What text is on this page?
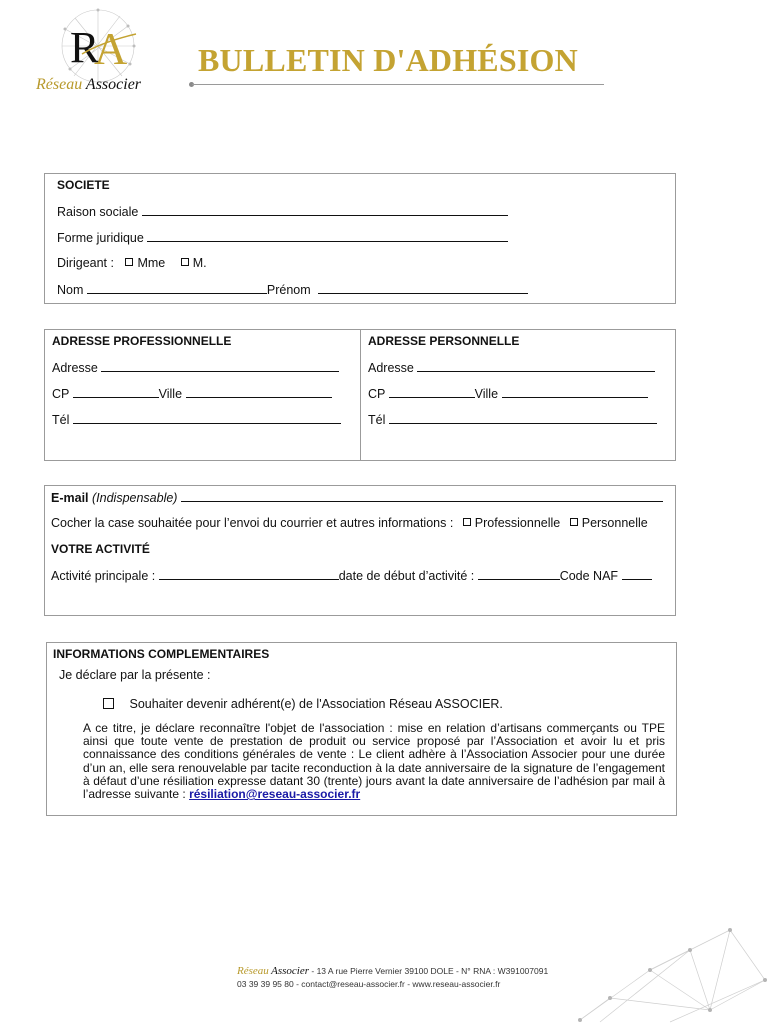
R
A
Réseau Associer
BULLETIN D'ADHÉSION
SOCIETE
Raison sociale
Forme juridique
Dirigeant : Mme M.
Nom	Prénom
ADRESSE PROFESSIONNELLE
Adresse
CP	Ville
Tél
ADRESSE PERSONNELLE
Adresse
CP	Ville
Tél
E-mail (Indispensable)
Cocher la case souhaitée pour l’envoi du courrier et autres informations : Professionnelle Personnelle
VOTRE ACTIVITÉ
Activité principale :	date de début d’activité :	Code NAF
INFORMATIONS COMPLEMENTAIRES
Je déclare par la présente :
Souhaiter devenir adhérent(e) de l'Association Réseau ASSOCIER.
A ce titre, je déclare reconnaître l'objet de l'association : mise en relation d’artisans commerçants ou TPE ainsi que toute vente de prestation de produit ou service proposé par l’Association et avoir lu et pris connaissance des conditions générales de vente : Le client adhère à l’Association Associer pour une durée d’un an, elle sera renouvelable par tacite reconduction à la date anniversaire de la signature de l’engagement à défaut d’une résiliation expresse datant 30 (trente) jours avant la date anniversaire de l’adhésion par mail à l’adresse suivante : résiliation@reseau-associer.fr
Réseau Associer - 13 A rue Pierre Vernier 39100 DOLE - N° RNA : W391007091
03 39 39 95 80 - contact@reseau-associer.fr - www.reseau-associer.fr
